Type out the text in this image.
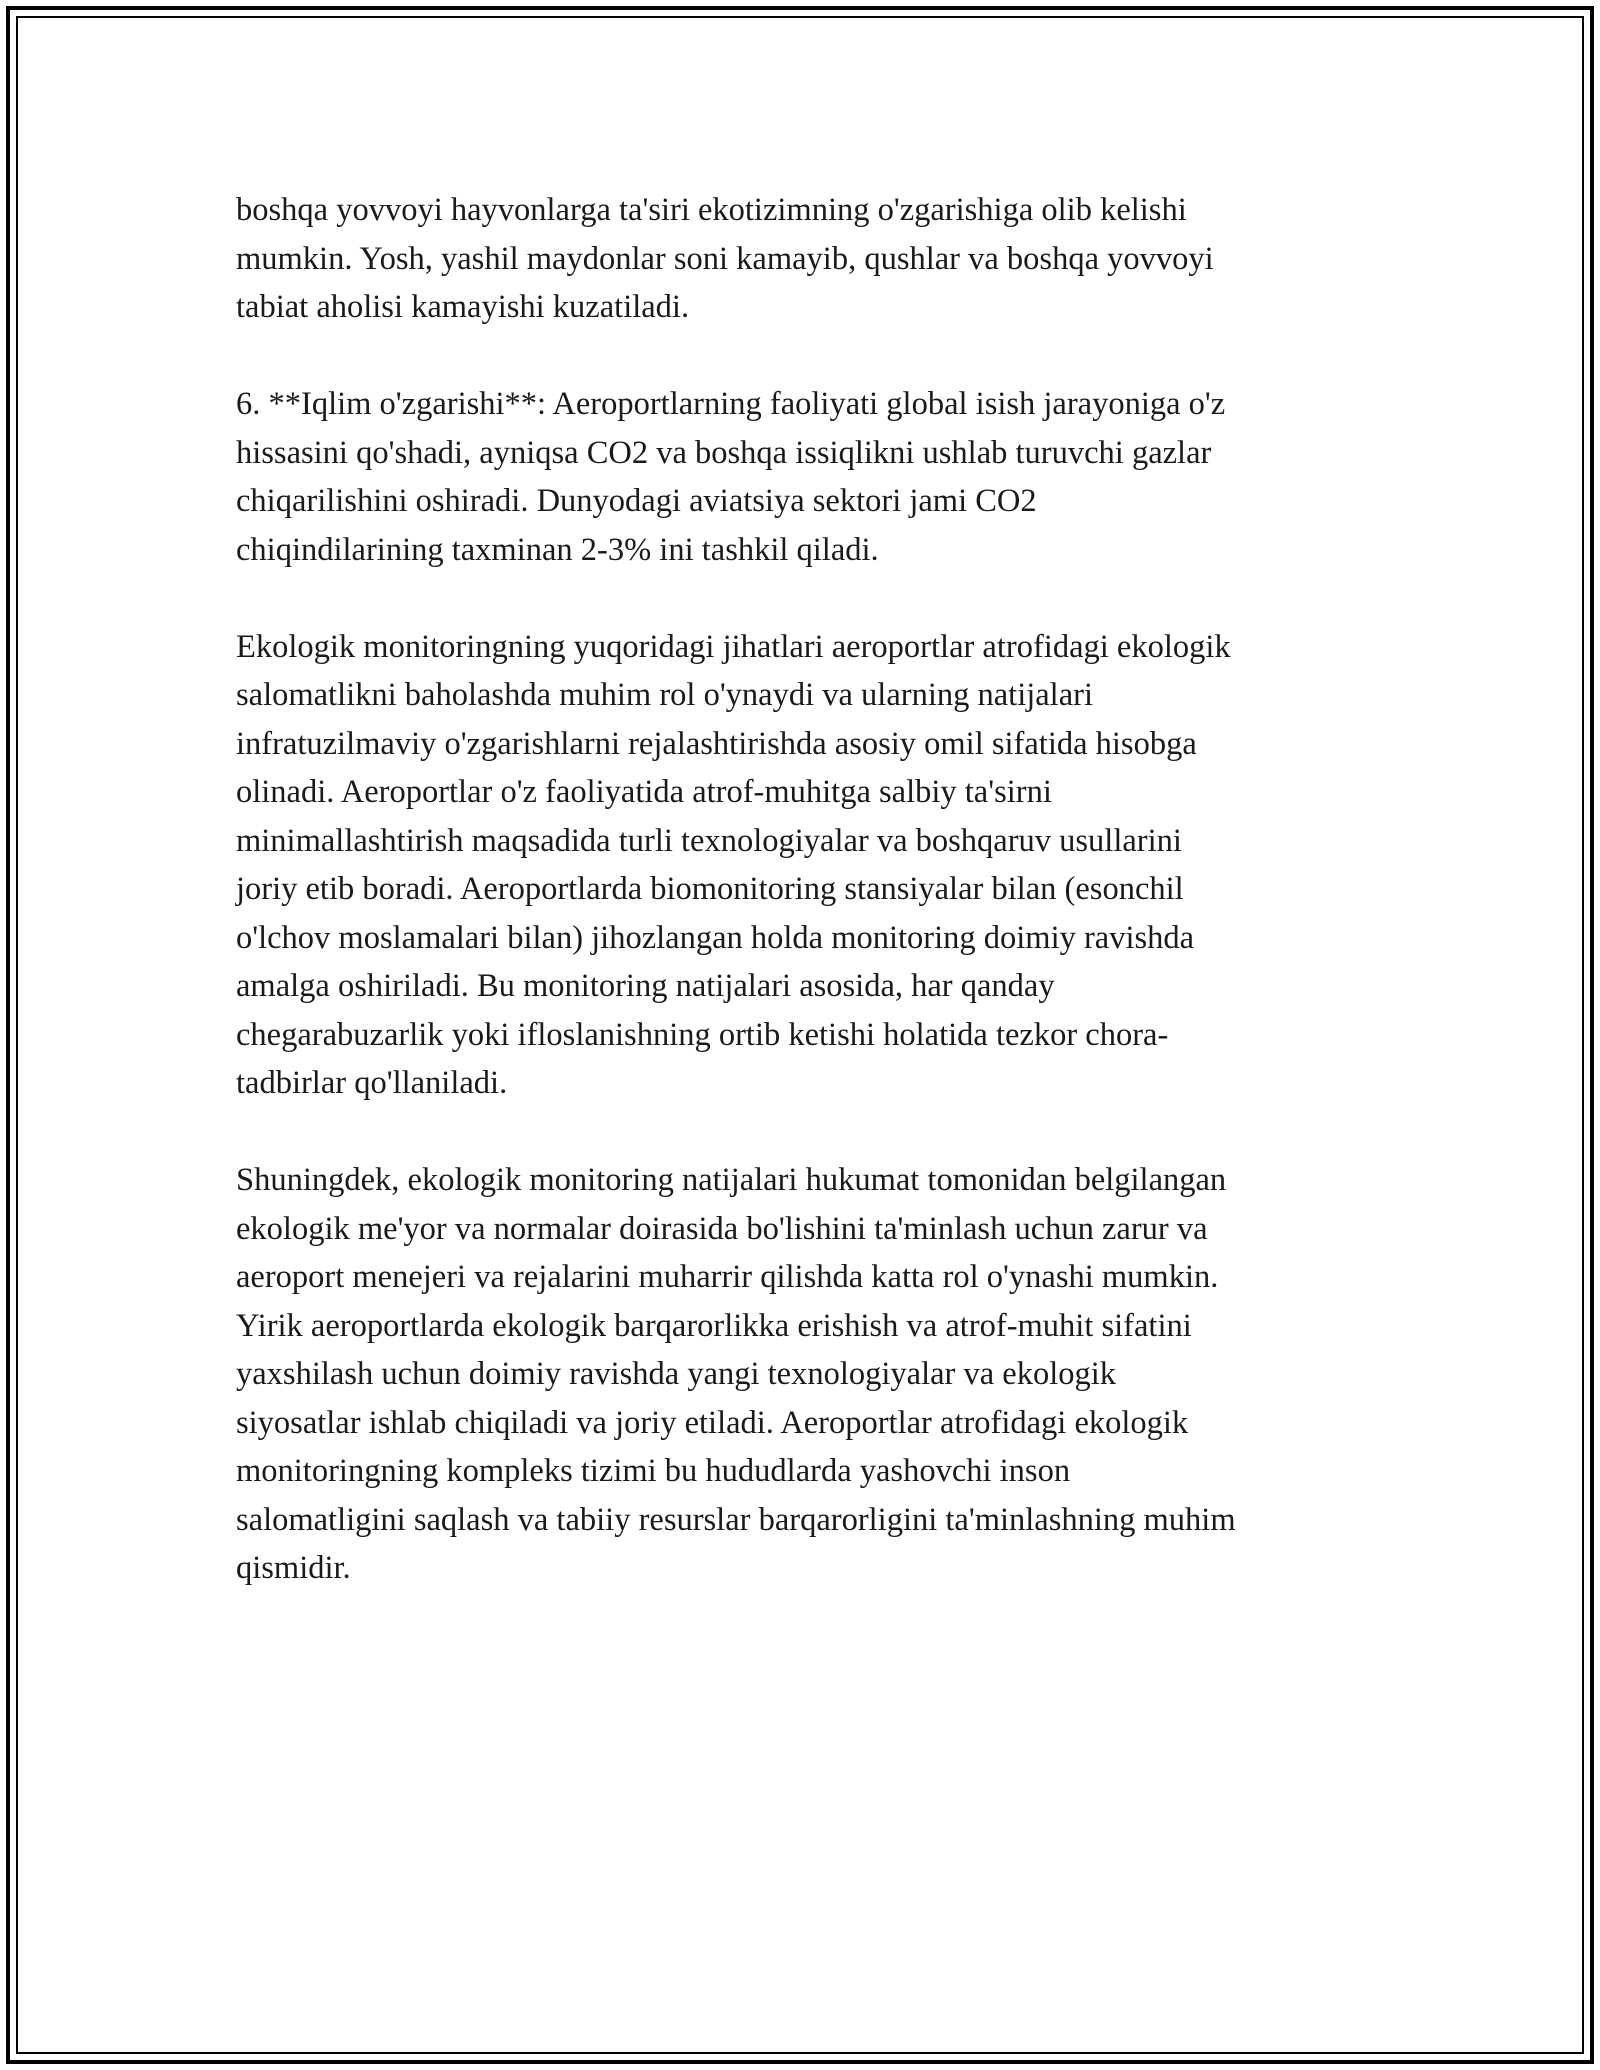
boshqa yovvoyi hayvonlarga ta'siri ekotizimning o'zgarishiga olib kelishi
mumkin. Yosh, yashil maydonlar soni kamayib, qushlar va boshqa yovvoyi
tabiat aholisi kamayishi kuzatiladi.

6. **Iqlim o'zgarishi**: Aeroportlarning faoliyati global isish jarayoniga o'z
hissasini qo'shadi, ayniqsa CO2 va boshqa issiqlikni ushlab turuvchi gazlar
chiqarilishini oshiradi. Dunyodagi aviatsiya sektori jami CO2
chiqindilarining taxminan 2-3% ini tashkil qiladi.

Ekologik monitoringning yuqoridagi jihatlari aeroportlar atrofidagi ekologik
salomatlikni baholashda muhim rol o'ynaydi va ularning natijalari
infratuzilmaviy o'zgarishlarni rejalashtirishda asosiy omil sifatida hisobga
olinadi. Aeroportlar o'z faoliyatida atrof-muhitga salbiy ta'sirni
minimallashtirish maqsadida turli texnologiyalar va boshqaruv usullarini
joriy etib boradi. Aeroportlarda biomonitoring stansiyalar bilan (esonchil
o'lchov moslamalari bilan) jihozlangan holda monitoring doimiy ravishda
amalga oshiriladi. Bu monitoring natijalari asosida, har qanday
chegarabuzarlik yoki ifloslanishning ortib ketishi holatida tezkor chora-
tadbirlar qo'llaniladi.

Shuningdek, ekologik monitoring natijalari hukumat tomonidan belgilangan
ekologik me'yor va normalar doirasida bo'lishini ta'minlash uchun zarur va
aeroport menejeri va rejalarini muharrir qilishda katta rol o'ynashi mumkin.
Yirik aeroportlarda ekologik barqarorlikka erishish va atrof-muhit sifatini
yaxshilash uchun doimiy ravishda yangi texnologiyalar va ekologik
siyosatlar ishlab chiqiladi va joriy etiladi. Aeroportlar atrofidagi ekologik
monitoringning kompleks tizimi bu hududlarda yashovchi inson
salomatligini saqlash va tabiiy resurslar barqarorligini ta'minlashning muhim
qismidir.
